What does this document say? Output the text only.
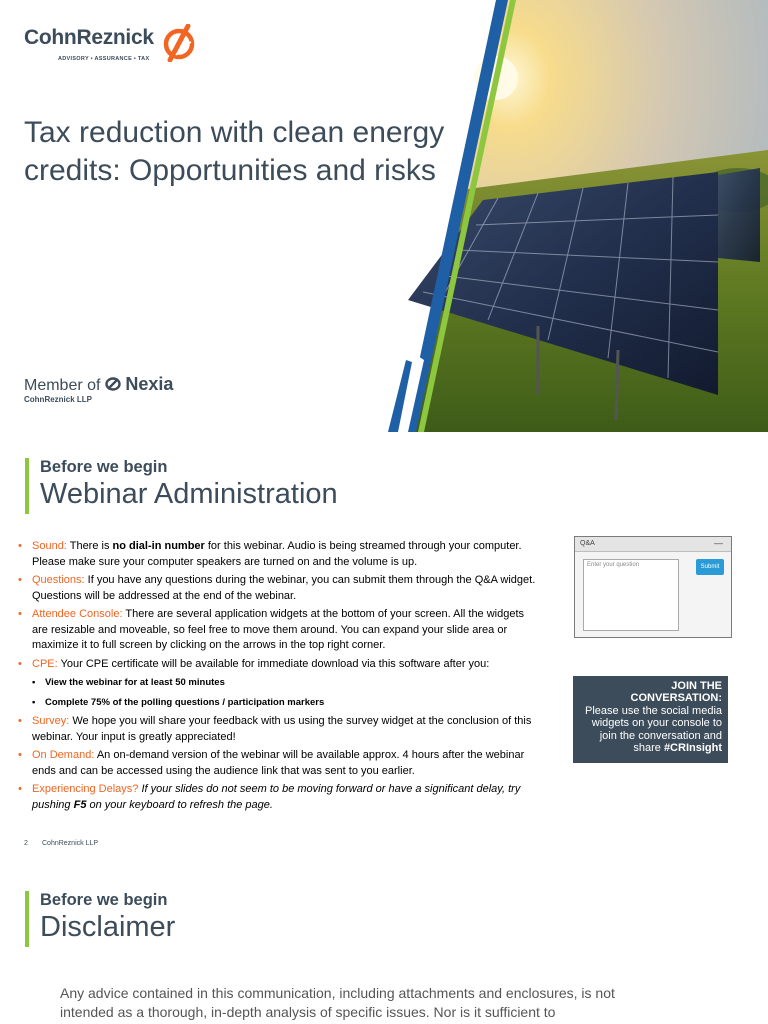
CohnReznick
ADVISORY • ASSURANCE • TAX
Tax reduction with clean energy credits: Opportunities and risks
Member of Nexia
CohnReznick LLP
Before we begin
Webinar Administration
• Sound: There is no dial-in number for this webinar. Audio is being streamed through your computer. Please make sure your computer speakers are turned on and the volume is up.
• Questions: If you have any questions during the webinar, you can submit them through the Q&A widget. Questions will be addressed at the end of the webinar.
• Attendee Console: There are several application widgets at the bottom of your screen. All the widgets are resizable and moveable, so feel free to move them around. You can expand your slide area or maximize it to full screen by clicking on the arrows in the top right corner.
• CPE: Your CPE certificate will be available for immediate download via this software after you:
• View the webinar for at least 50 minutes
• Complete 75% of the polling questions / participation markers
• Survey: We hope you will share your feedback with us using the survey widget at the conclusion of this webinar. Your input is greatly appreciated!
• On Demand: An on-demand version of the webinar will be available approx. 4 hours after the webinar ends and can be accessed using the audience link that was sent to you earlier.
• Experiencing Delays? If your slides do not seem to be moving forward or have a significant delay, try pushing F5 on your keyboard to refresh the page.
Q&A	—
Enter your question	Submit
JOIN THE
CONVERSATION:
Please use the social media widgets on your console to join the conversation and share #CRInsight
2 CohnReznick LLP
Before we begin
Disclaimer
Any advice contained in this communication, including attachments and enclosures, is not intended as a thorough, in-depth analysis of specific issues. Nor is it sufficient to
